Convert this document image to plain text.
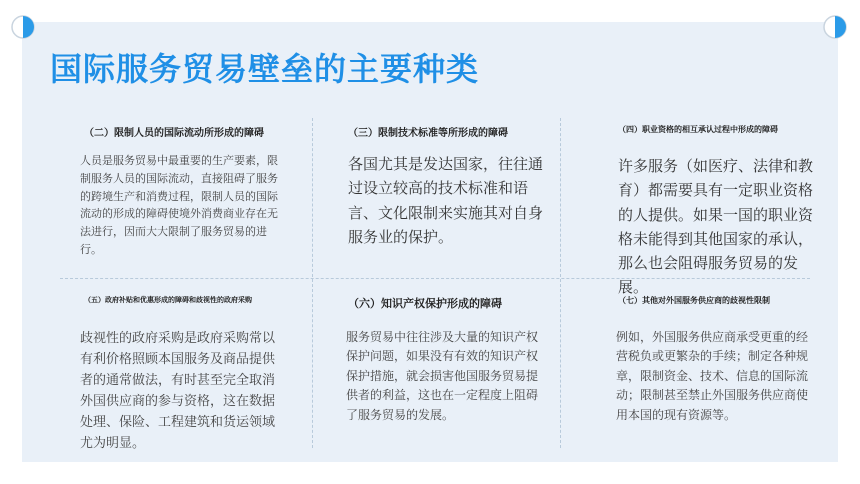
国际服务贸易壁垒的主要种类
（二）限制人员的国际流动所形成的障碍
人员是服务贸易中最重要的生产要素，限制服务人员的国际流动，直接阻碍了服务的跨境生产和消费过程，限制人员的国际流动的形成的障碍使境外消费商业存在无法进行，因而大大限制了服务贸易的进行。
（三）限制技术标准等所形成的障碍
各国尤其是发达国家，往往通过设立较高的技术标准和语言、文化限制来实施其对自身服务业的保护。
（四）职业资格的相互承认过程中形成的障碍
许多服务（如医疗、法律和教育）都需要具有一定职业资格的人提供。如果一国的职业资格未能得到其他国家的承认，那么也会阻碍服务贸易的发展。
（五）政府补贴和优惠形成的障碍和歧视性的政府采购
歧视性的政府采购是政府采购常以有利价格照顾本国服务及商品提供者的通常做法，有时甚至完全取消外国供应商的参与资格，这在数据处理、保险、工程建筑和货运领域尤为明显。
（六）知识产权保护形成的障碍
服务贸易中往往涉及大量的知识产权保护问题，如果没有有效的知识产权保护措施，就会损害他国服务贸易提供者的利益，这也在一定程度上阻碍了服务贸易的发展。
（七）其他对外国服务供应商的歧视性限制
例如，外国服务供应商承受更重的经营税负或更繁杂的手续；制定各种规章，限制资金、技术、信息的国际流动；限制甚至禁止外国服务供应商使用本国的现有资源等。
